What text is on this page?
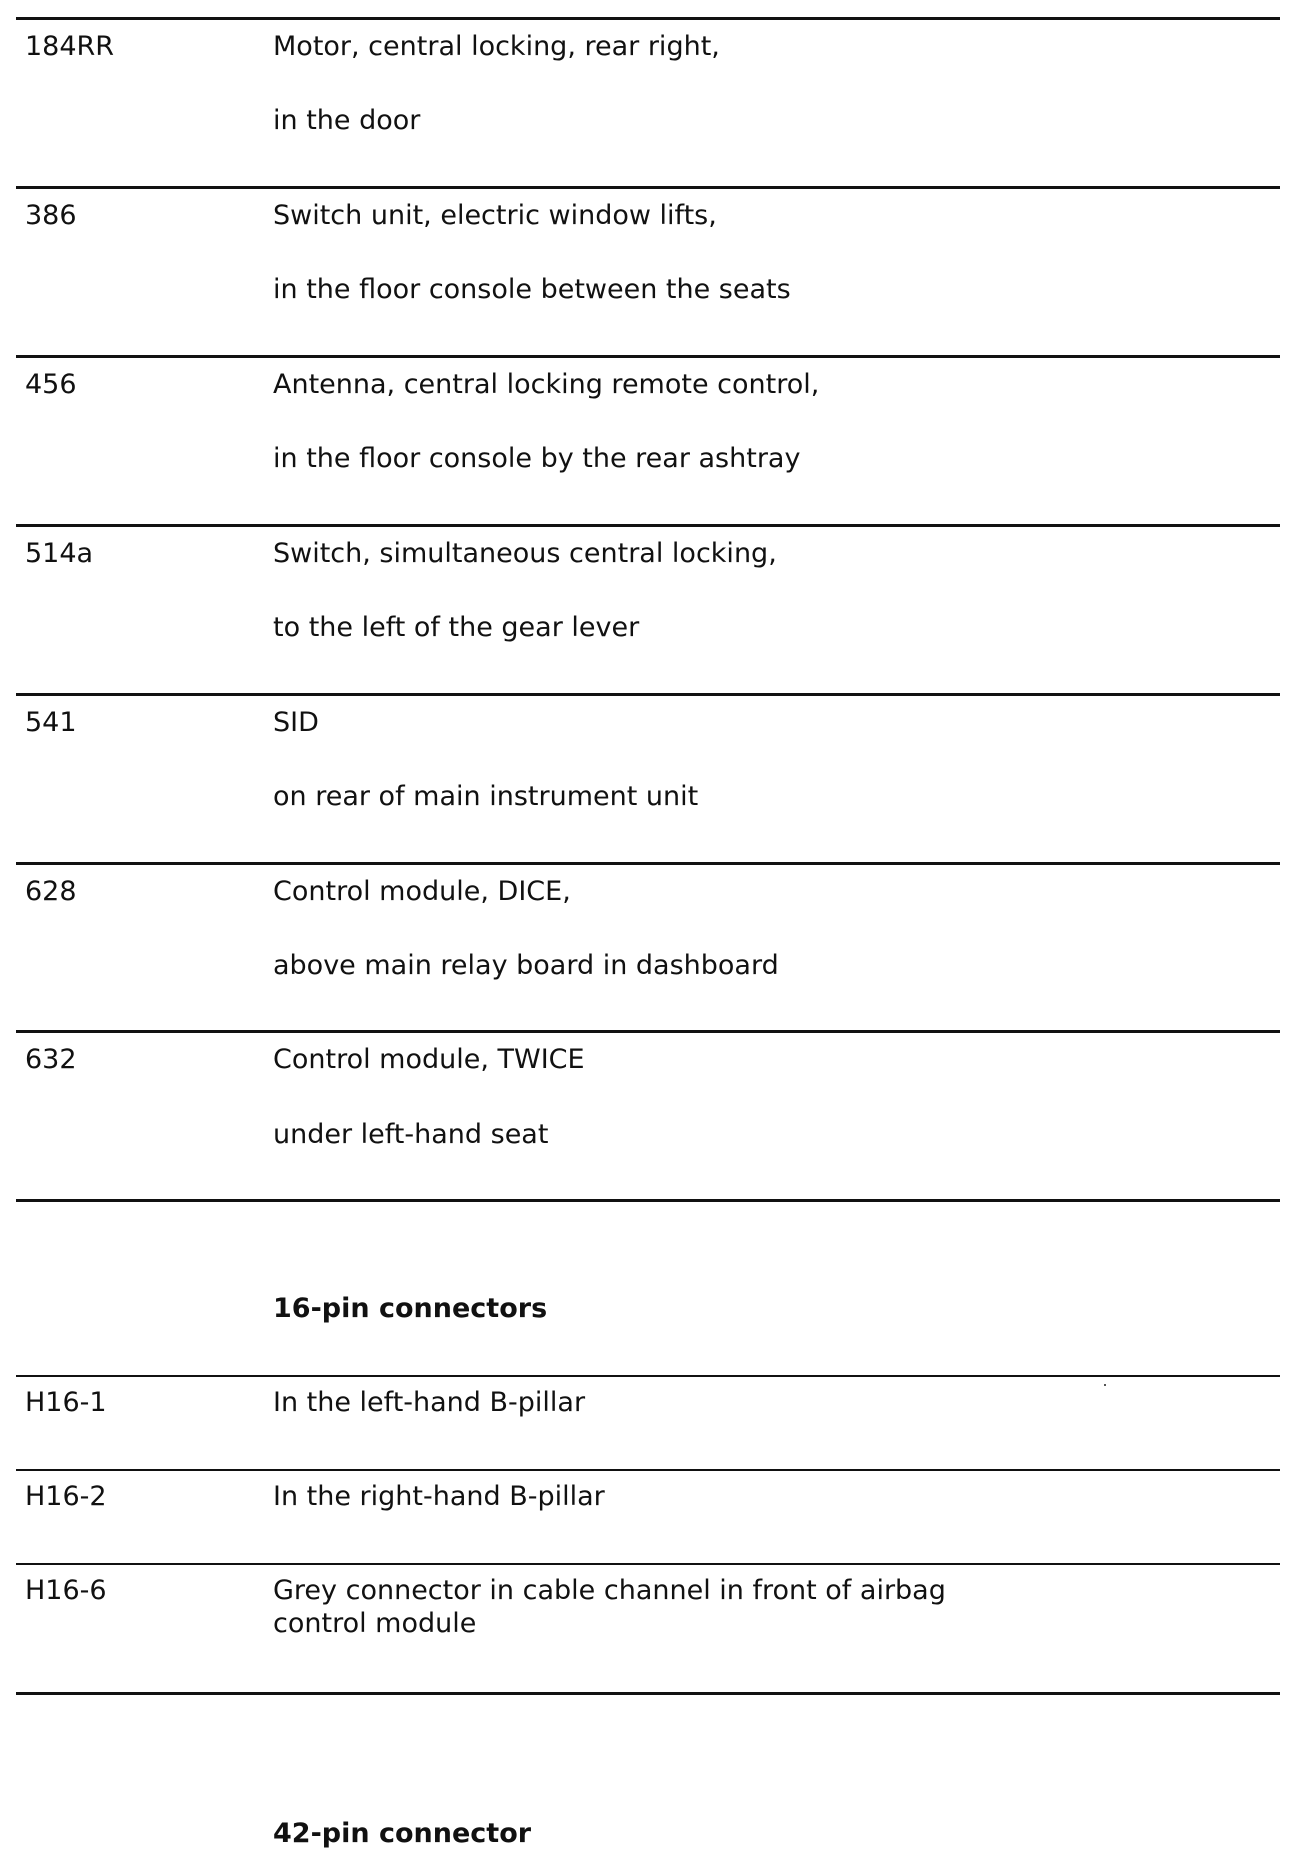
184RR	Motor, central locking, rear right,
in the door
386	Switch unit, electric window lifts,
in the floor console between the seats
456	Antenna, central locking remote control,
in the floor console by the rear ashtray
514a	Switch, simultaneous central locking,
to the left of the gear lever
541	SID
on rear of main instrument unit
628	Control module, DICE,
above main relay board in dashboard
632	Control module, TWICE
under left-hand seat
16-pin connectors
H16-1	In the left-hand B-pillar
H16-2	In the right-hand B-pillar
H16-6	Grey connector in cable channel in front of airbag control module
42-pin connector
